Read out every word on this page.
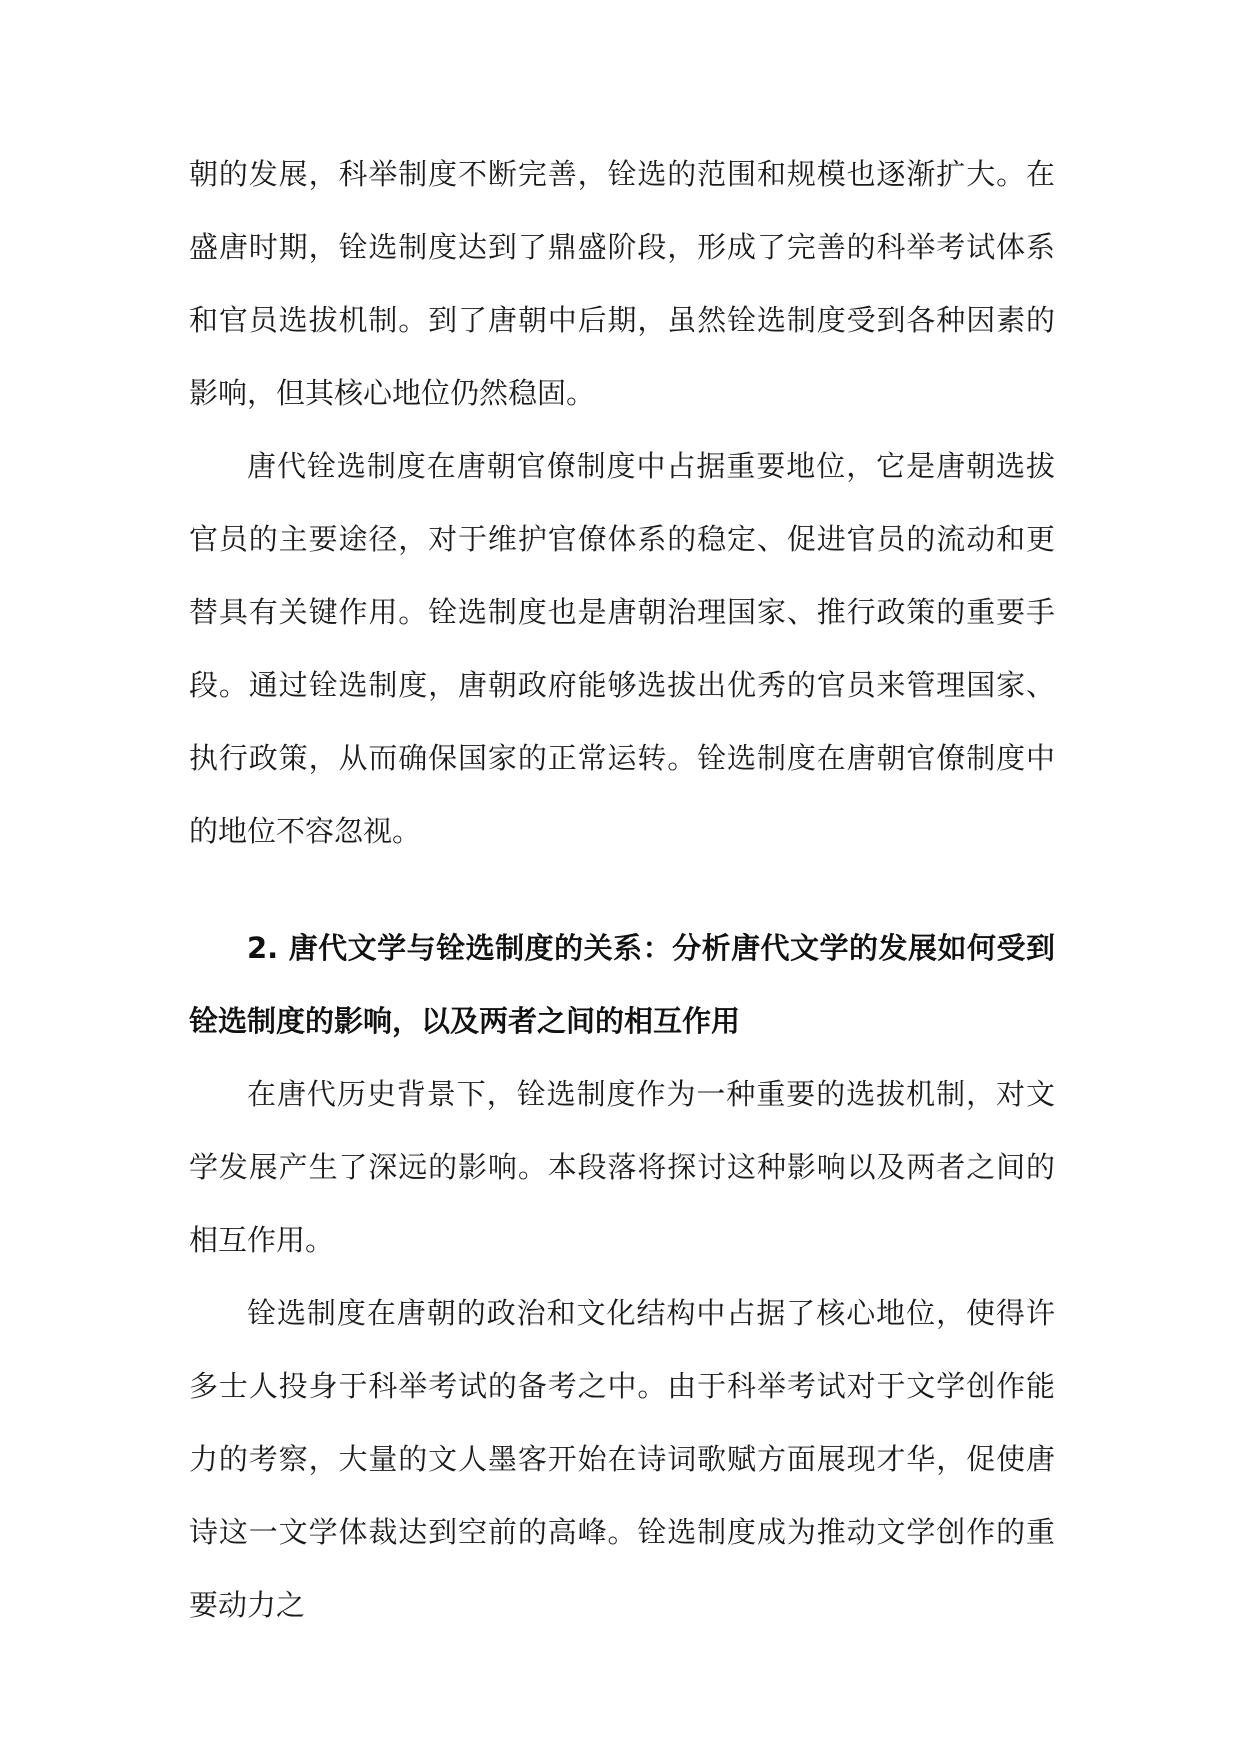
朝的发展，科举制度不断完善，铨选的范围和规模也逐渐扩大。在盛唐时期，铨选制度达到了鼎盛阶段，形成了完善的科举考试体系和官员选拔机制。到了唐朝中后期，虽然铨选制度受到各种因素的影响，但其核心地位仍然稳固。

唐代铨选制度在唐朝官僚制度中占据重要地位，它是唐朝选拔官员的主要途径，对于维护官僚体系的稳定、促进官员的流动和更替具有关键作用。铨选制度也是唐朝治理国家、推行政策的重要手段。通过铨选制度，唐朝政府能够选拔出优秀的官员来管理国家、执行政策，从而确保国家的正常运转。铨选制度在唐朝官僚制度中的地位不容忽视。

2. 唐代文学与铨选制度的关系：分析唐代文学的发展如何受到铨选制度的影响，以及两者之间的相互作用

在唐代历史背景下，铨选制度作为一种重要的选拔机制，对文学发展产生了深远的影响。本段落将探讨这种影响以及两者之间的相互作用。

铨选制度在唐朝的政治和文化结构中占据了核心地位，使得许多士人投身于科举考试的备考之中。由于科举考试对于文学创作能力的考察，大量的文人墨客开始在诗词歌赋方面展现才华，促使唐诗这一文学体裁达到空前的高峰。铨选制度成为推动文学创作的重要动力之
